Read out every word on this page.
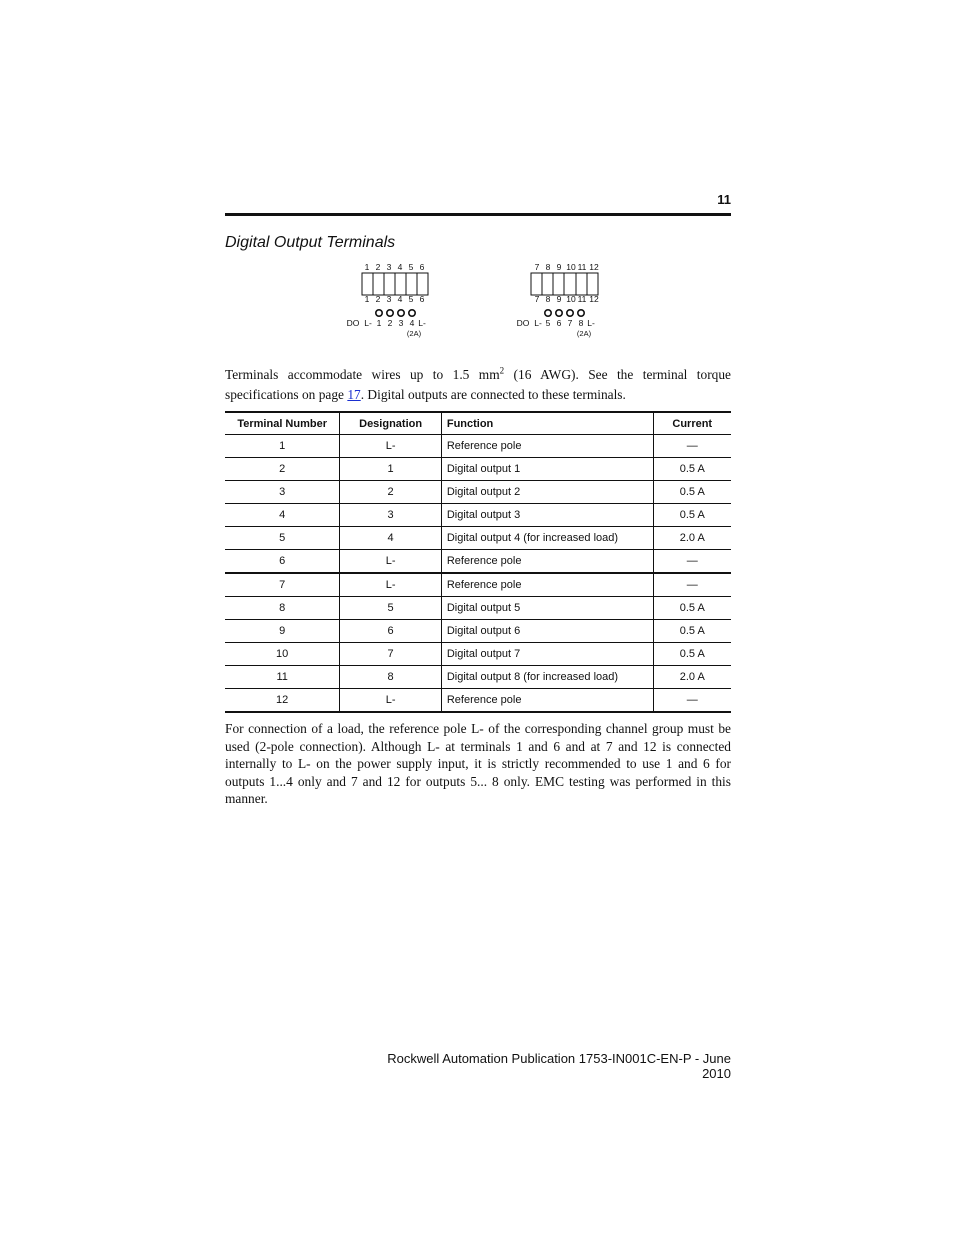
11
Digital Output Terminals
1 2 3 4 5 6
1 2 3 4 5 6
DO L- 1 2 3 4 L-
(2A)
7 8 9 10 11 12
7 8 9 10 11 12
DO L- 5 6 7 8 L-
(2A)

Terminals accommodate wires up to 1.5 $mm^2$ (16 AWG). See the terminal torque specifications on page 17. Digital outputs are connected to these terminals.

Terminal Number	Designation	Function	Current
1	L-	Reference pole	—
2	1	Digital output 1	0.5 A
3	2	Digital output 2	0.5 A
4	3	Digital output 3	0.5 A
5	4	Digital output 4 (for increased load)	2.0 A
6	L-	Reference pole	—
7	L-	Reference pole	—
8	5	Digital output 5	0.5 A
9	6	Digital output 6	0.5 A
10	7	Digital output 7	0.5 A
11	8	Digital output 8 (for increased load)	2.0 A
12	L-	Reference pole	—

For connection of a load, the reference pole L- of the corresponding channel group must be used (2-pole connection). Although L- at terminals 1 and 6 and at 7 and 12 is connected internally to L- on the power supply input, it is strictly recommended to use 1 and 6 for outputs 1...4 only and 7 and 12 for outputs 5... 8 only. EMC testing was performed in this manner.

Rockwell Automation Publication 1753-IN001C-EN-P - June 2010
